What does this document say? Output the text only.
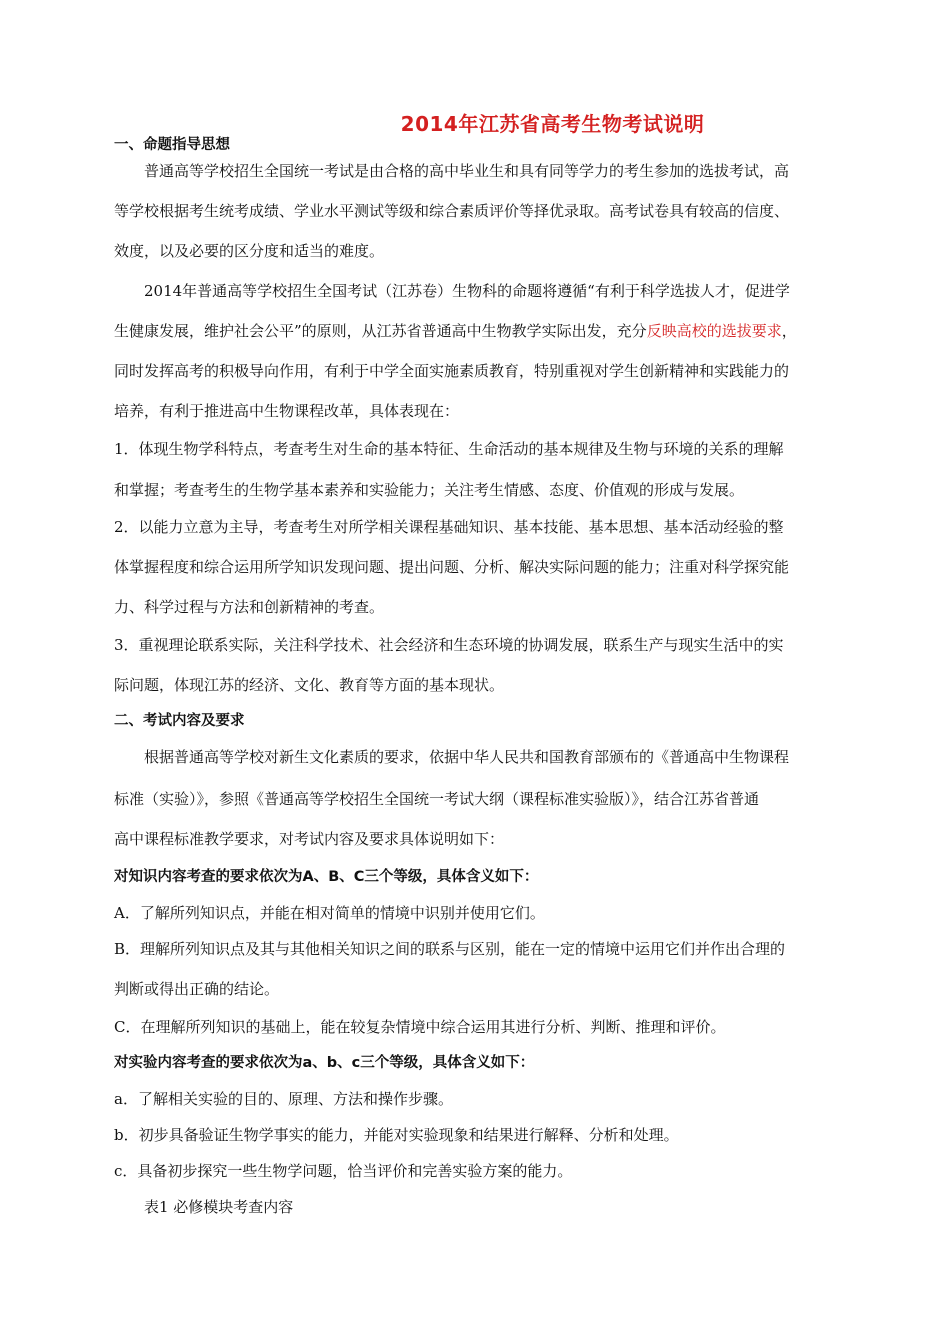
2014年江苏省高考生物考试说明
一、命题指导思想
普通高等学校招生全国统一考试是由合格的高中毕业生和具有同等学力的考生参加的选拔考试，高
等学校根据考生统考成绩、学业水平测试等级和综合素质评价等择优录取。高考试卷具有较高的信度、
效度，以及必要的区分度和适当的难度。
2014年普通高等学校招生全国考试（江苏卷）生物科的命题将遵循“有利于科学选拔人才，促进学
生健康发展，维护社会公平”的原则，从江苏省普通高中生物教学实际出发，充分反映高校的选拔要求，
同时发挥高考的积极导向作用，有利于中学全面实施素质教育，特别重视对学生创新精神和实践能力的
培养，有利于推进高中生物课程改革，具体表现在：
1．体现生物学科特点，考查考生对生命的基本特征、生命活动的基本规律及生物与环境的关系的理解
和掌握；考查考生的生物学基本素养和实验能力；关注考生情感、态度、价值观的形成与发展。
2．以能力立意为主导，考查考生对所学相关课程基础知识、基本技能、基本思想、基本活动经验的整
体掌握程度和综合运用所学知识发现问题、提出问题、分析、解决实际问题的能力；注重对科学探究能
力、科学过程与方法和创新精神的考查。
3．重视理论联系实际，关注科学技术、社会经济和生态环境的协调发展，联系生产与现实生活中的实
际问题，体现江苏的经济、文化、教育等方面的基本现状。
二、考试内容及要求
根据普通高等学校对新生文化素质的要求，依据中华人民共和国教育部颁布的《普通高中生物课程
标准（实验）》，参照《普通高等学校招生全国统一考试大纲（课程标准实验版）》，结合江苏省普通
高中课程标准教学要求，对考试内容及要求具体说明如下：
对知识内容考查的要求依次为A、B、C三个等级，具体含义如下：
A．了解所列知识点，并能在相对简单的情境中识别并使用它们。
B．理解所列知识点及其与其他相关知识之间的联系与区别，能在一定的情境中运用它们并作出合理的
判断或得出正确的结论。
C．在理解所列知识的基础上，能在较复杂情境中综合运用其进行分析、判断、推理和评价。
对实验内容考查的要求依次为a、b、c三个等级，具体含义如下：
a．了解相关实验的目的、原理、方法和操作步骤。
b．初步具备验证生物学事实的能力，并能对实验现象和结果进行解释、分析和处理。
c．具备初步探究一些生物学问题，恰当评价和完善实验方案的能力。
表1 必修模块考查内容
